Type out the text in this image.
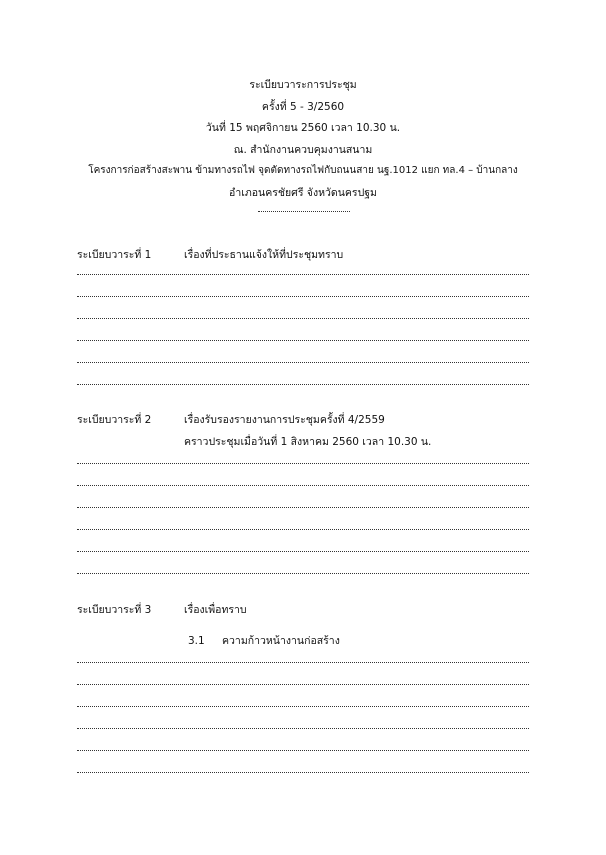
ระเบียบวาระการประชุม
ครั้งที่ 5 - 3/2560
วันที่ 15 พฤศจิกายน 2560 เวลา 10.30 น.
ณ. สำนักงานควบคุมงานสนาม
โครงการก่อสร้างสะพาน ข้ามทางรถไฟ จุดตัดทางรถไฟกับถนนสาย นฐ.1012 แยก ทล.4 – บ้านกลาง
อำเภอนครชัยศรี จังหวัดนครปฐม
ระเบียบวาระที่ 1	เรื่องที่ประธานแจ้งให้ที่ประชุมทราบ
ระเบียบวาระที่ 2	เรื่องรับรองรายงานการประชุมครั้งที่ 4/2559
คราวประชุมเมื่อวันที่ 1 สิงหาคม 2560 เวลา 10.30 น.
ระเบียบวาระที่ 3	เรื่องเพื่อทราบ
3.1 ความก้าวหน้างานก่อสร้าง
